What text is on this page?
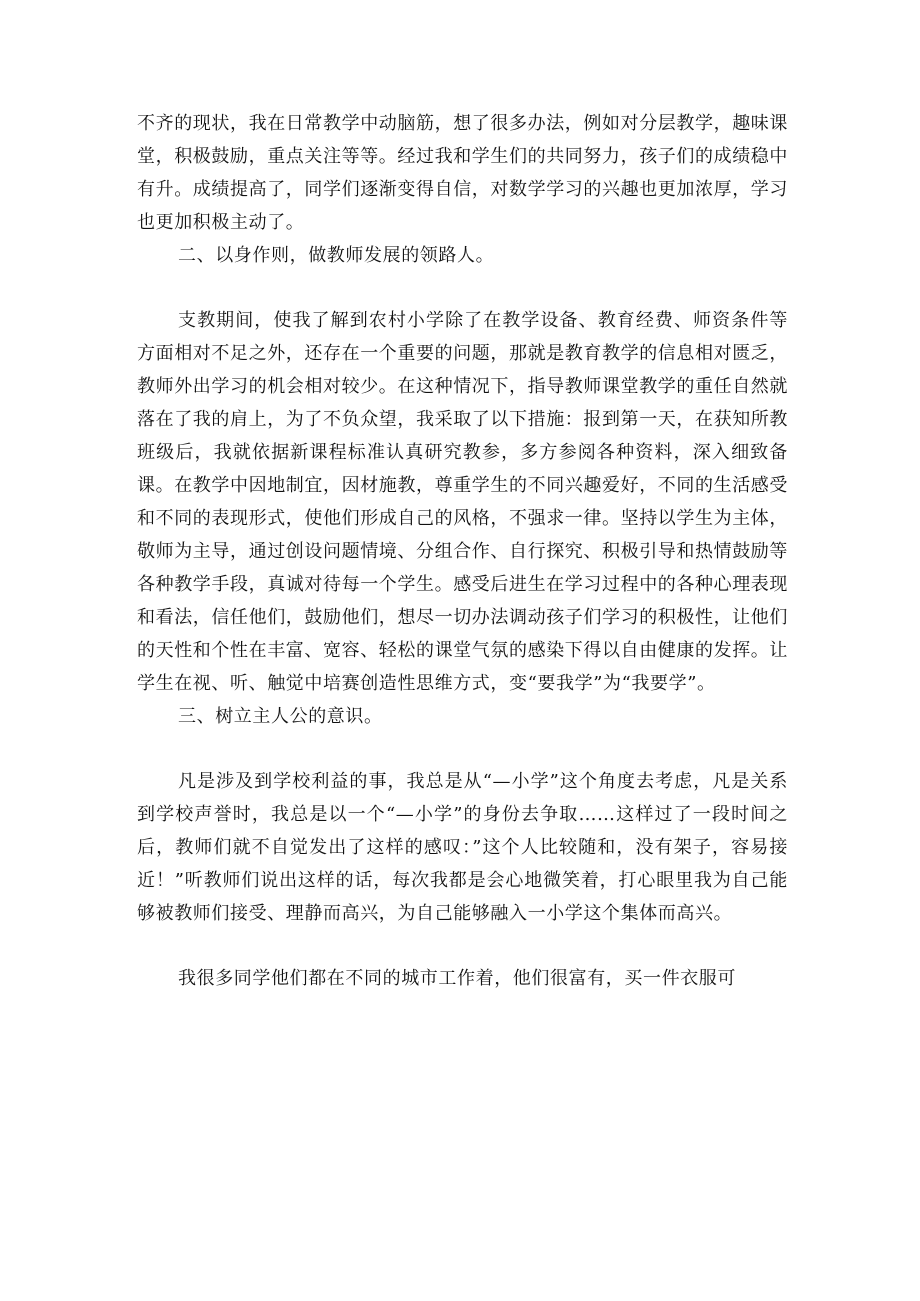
不齐的现状，我在日常教学中动脑筋，想了很多办法，例如对分层教学，趣味课堂，积极鼓励，重点关注等等。经过我和学生们的共同努力，孩子们的成绩稳中有升。成绩提高了，同学们逐渐变得自信，对数学学习的兴趣也更加浓厚，学习也更加积极主动了。

二、以身作则，做教师发展的领路人。

支教期间，使我了解到农村小学除了在教学设备、教育经费、师资条件等方面相对不足之外，还存在一个重要的问题，那就是教育教学的信息相对匮乏，教师外出学习的机会相对较少。在这种情况下，指导教师课堂教学的重任自然就落在了我的肩上，为了不负众望，我采取了以下措施：报到第一天，在获知所教班级后，我就依据新课程标准认真研究教参，多方参阅各种资料，深入细致备课。在教学中因地制宜，因材施教，尊重学生的不同兴趣爱好，不同的生活感受和不同的表现形式，使他们形成自己的风格，不强求一律。坚持以学生为主体，敬师为主导，通过创设问题情境、分组合作、自行探究、积极引导和热情鼓励等各种教学手段，真诚对待每一个学生。感受后进生在学习过程中的各种心理表现和看法，信任他们，鼓励他们，想尽一切办法调动孩子们学习的积极性，让他们的天性和个性在丰富、宽容、轻松的课堂气氛的感染下得以自由健康的发挥。让学生在视、听、触觉中培赛创造性思维方式，变“要我学”为“我要学”。

三、树立主人公的意识。

凡是涉及到学校利益的事，我总是从“—小学”这个角度去考虑，凡是关系到学校声誉时，我总是以一个“—小学”的身份去争取……这样过了一段时间之后，教师们就不自觉发出了这样的感叹：”这个人比较随和，没有架子，容易接近！”听教师们说出这样的话，每次我都是会心地微笑着，打心眼里我为自己能够被教师们接受、理静而高兴，为自己能够融入一小学这个集体而高兴。

我很多同学他们都在不同的城市工作着，他们很富有，买一件衣服可
